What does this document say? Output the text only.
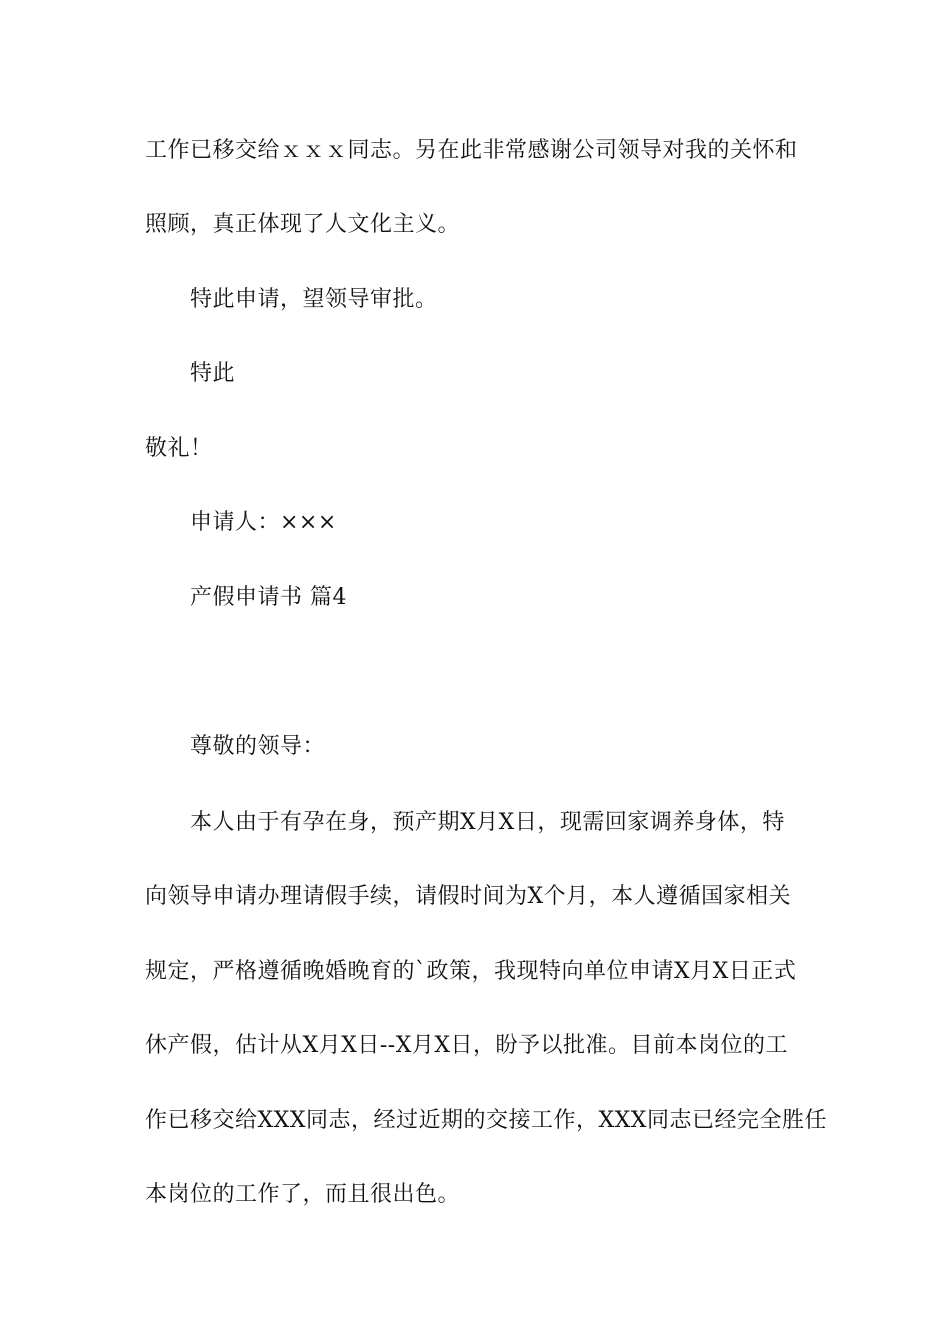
工作已移交给ｘｘｘ同志。另在此非常感谢公司领导对我的关怀和
照顾，真正体现了人文化主义。
特此申请，望领导审批。
特此
敬礼！
申请人：×××
产假申请书 篇4
尊敬的领导：
本人由于有孕在身，预产期X月X日，现需回家调养身体，特
向领导申请办理请假手续，请假时间为X个月，本人遵循国家相关
规定，严格遵循晚婚晚育的`政策，我现特向单位申请X月X日正式
休产假，估计从X月X日--X月X日，盼予以批准。目前本岗位的工
作已移交给XXX同志，经过近期的交接工作，XXX同志已经完全胜任
本岗位的工作了，而且很出色。
